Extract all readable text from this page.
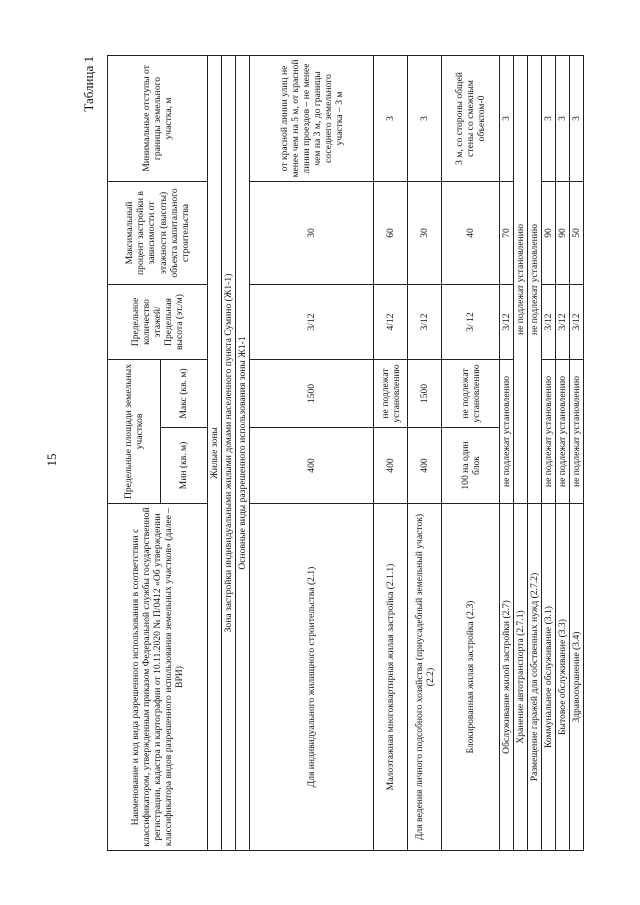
15
Таблица 1
Наименование и код вида разрешенного использования в соответствии с классификатором, утвержденным приказом Федеральной службы государственной регистрации, кадастра и картографии от 10.11.2020 № П/0412 «Об утверждении классификатора видов разрешенного использования земельных участков» (далее – ВРИ)	Предельные площади земельных участков		Предельное количество этажей/ Предельная высота (эт./м)	Максимальный процент застройки в зависимости от этажности (высоты) объекта капитального строительства	Минимальные отступы от границы земельного участка, м
	Мин (кв. м)	Макс (кв. м)			
Жилые зоны					
Зона застройки индивидуальными жилыми домами населенного пункта Сумино (Ж1-1)					
Основные виды разрешенного использования зоны Ж1-1					
Для индивидуального жилищного строительства (2.1)	400	1500	3/12	30	от красной линии улиц не менее чем на 5 м, от красной линии проездов – не менее чем на 3 м, до границы соседнего земельного участка – 3 м
Малоэтажная многоквартирная жилая застройка (2.1.1)	400	не подлежат установлению	4/12	60	3
Для ведения личного подсобного хозяйства (приусадебный земельный участок) (2.2)	400	1500	3/12	30	3
Блокированная жилая застройка (2.3)	100 на один блок	не подлежат установлению	3/ 12	40	3 м, со стороны общей стены со смежным объектом-0
Обслуживание жилой застройки (2.7)	не подлежат установлению		3/12	70	3
Хранение автотранспорта (2.7.1)	не подлежат установлению				
Размещение гаражей для собственных нужд (2.7.2)	не подлежат установлению				
Коммунальное обслуживание (3.1)	не подлежат установлению		3/12	90	3
Бытовое обслуживание (3.3)	не подлежат установлению		3/12	90	3
Здравоохранение (3.4)	не подлежат установлению		3/12	50	3
